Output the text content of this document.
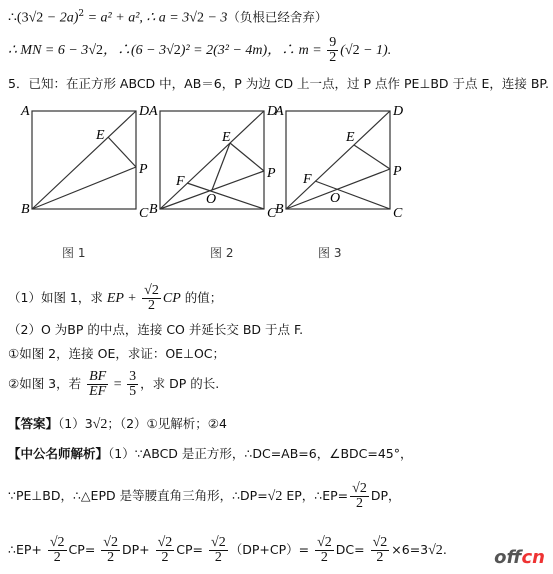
∴(3√2 − 2a)$^2$ = a² + a², ∴ a = 3√2 − 3（负根已经舍弃）
∴ MN = 6 − 3√2，∴(6 − 3√2)² = 2(3² − 4m)，∴ $m = \frac{9}{2} (√2 - 1)$.
5．已知：在正方形 ABCD 中，AB＝6，P 为边 CD 上一点，过 P 点作 PE⊥BD 于点 E，连接 BP.
A	D
B	C
E
P
图 1
A	D
B	C
E
P
F
O
图 2
A	D
B	C
E
P
F
O
图 3
（1）如图 1，求 EP + $\frac{√2}{2}$ CP 的值；
（2）O 为BP 的中点，连接 CO 并延长交 BD 于点 F.
①如图 2，连接 OE，求证：OE⊥OC；
②如图 3，若 $\frac{BF}{EF} = \frac{3}{5}$ ，求 DP 的长.
【答案】（1）3√2；（2）①见解析；②4
【中公名师解析】（1）∵ABCD 是正方形，∴DC=AB=6，∠BDC=45°，
∵PE⊥BD，∴△EPD 是等腰直角三角形，∴DP=√2 EP，∴EP= $\frac{√2}{2}$ DP，
∴EP+ $\frac{√2}{2} CP= \frac{√2}{2} DP+ \frac{√2}{2} CP= \frac{√2}{2} (DP+CP)= \frac{√2}{2} DC= \frac{√2}{2} \times 6=3√2$.	offcn
